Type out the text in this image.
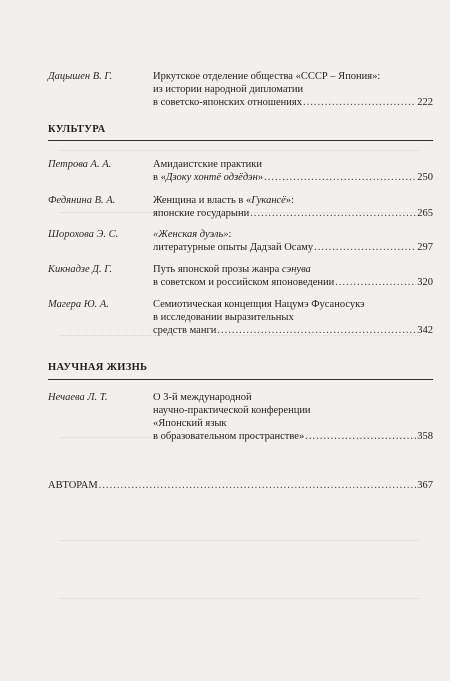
Дацышен В. Г.	Иркутское отделение общества «СССР – Япония»:
из истории народной дипломатии
в советско-японских отношениях .....	222
КУЛЬТУРА
Петрова А. А.	Амидаистские практики
в «Дзоку хонтё одзёдэн» .....	250
Федянина В. А.	Женщина и власть в «Гукансё»:
японские государыни .....	265
Шорохова Э. С.	«Женская дуэль»:
литературные опыты Дадзай Осаму .....	297
Кикнадзе Д. Г.	Путь японской прозы жанра сэнува
в советском и российском японоведении .....	320
Магера Ю. А.	Семиотическая концепция Нацумэ Фусаносукэ
в исследовании выразительных
средств манги .....	342
НАУЧНАЯ ЖИЗНЬ
Нечаева Л. Т.	О 3-й международной
научно-практической конференции
«Японский язык
в образовательном пространстве» .....	358
АВТОРАМ .....	367
